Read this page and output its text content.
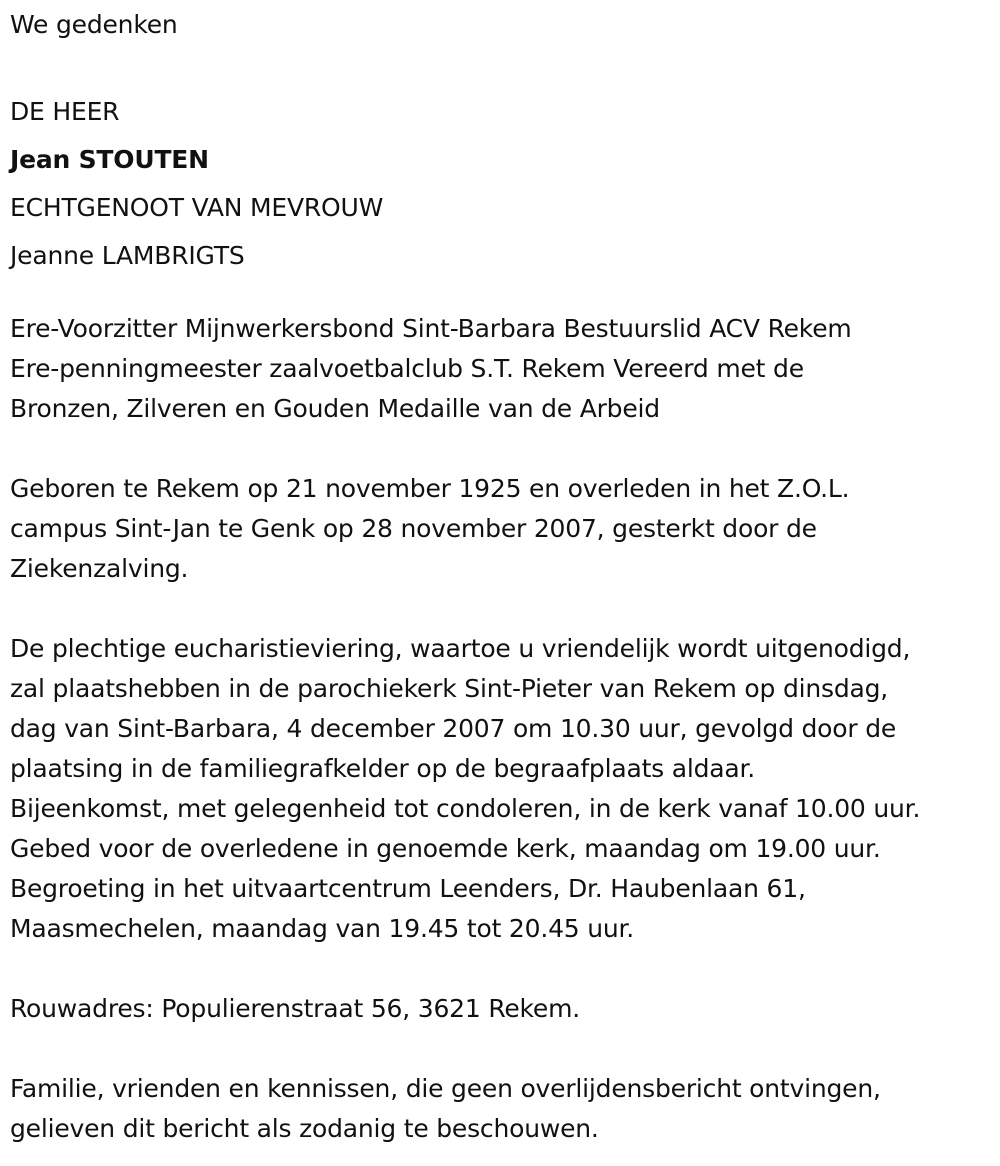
We gedenken
DE HEER
Jean STOUTEN
ECHTGENOOT VAN MEVROUW
Jeanne LAMBRIGTS
Ere-Voorzitter Mijnwerkersbond Sint-Barbara Bestuurslid ACV Rekem
Ere-penningmeester zaalvoetbalclub S.T. Rekem Vereerd met de
Bronzen, Zilveren en Gouden Medaille van de Arbeid
Geboren te Rekem op 21 november 1925 en overleden in het Z.O.L.
campus Sint-Jan te Genk op 28 november 2007, gesterkt door de
Ziekenzalving.
De plechtige eucharistieviering, waartoe u vriendelijk wordt uitgenodigd,
zal plaatshebben in de parochiekerk Sint-Pieter van Rekem op dinsdag,
dag van Sint-Barbara, 4 december 2007 om 10.30 uur, gevolgd door de
plaatsing in de familiegrafkelder op de begraafplaats aldaar.
Bijeenkomst, met gelegenheid tot condoleren, in de kerk vanaf 10.00 uur.
Gebed voor de overledene in genoemde kerk, maandag om 19.00 uur.
Begroeting in het uitvaartcentrum Leenders, Dr. Haubenlaan 61,
Maasmechelen, maandag van 19.45 tot 20.45 uur.
Rouwadres: Populierenstraat 56, 3621 Rekem.
Familie, vrienden en kennissen, die geen overlijdensbericht ontvingen,
gelieven dit bericht als zodanig te beschouwen.
